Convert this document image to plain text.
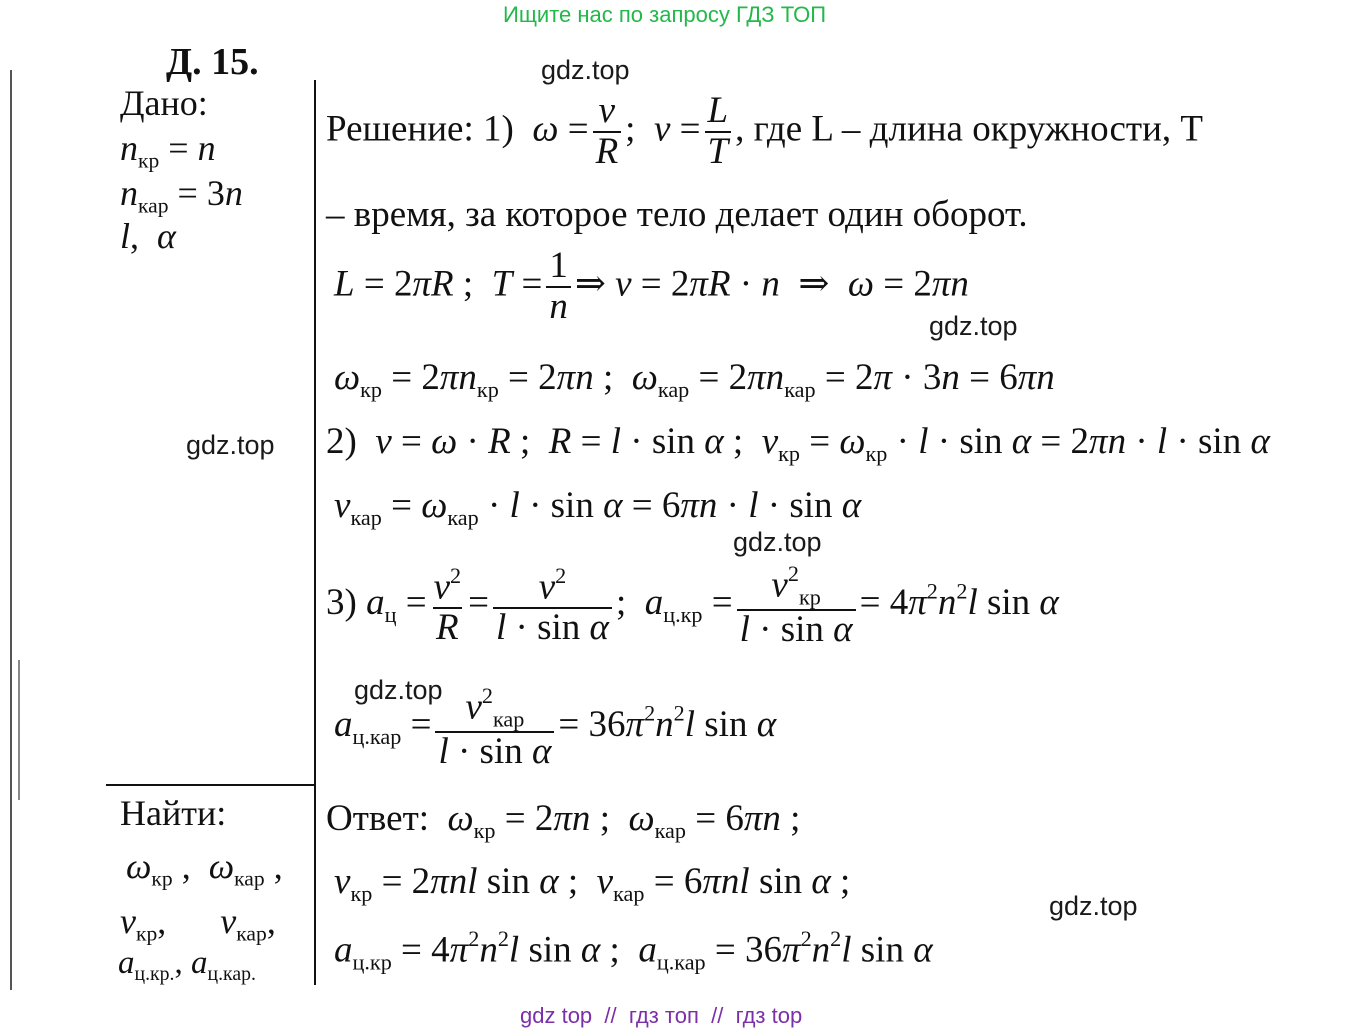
Ищите нас по запросу ГДЗ ТОП
Д. 15.	gdz.top
gdz.top
gdz.top
gdz.top
gdz.top
gdz.top
Дано:
$n_{кр} = n$
$n_{кар} = 3n$
l,  α
Найти:
$\omega_{кр}$ ,  $\omega_{кар}$ ,
$v_{кр}$,      $v_{кар}$,
$a_{ц.кр.}$, $a_{ц.кар.}$
Решение: 1) $\omega = \frac{v}{R}$ ;  $v = \frac{L}{T}$ , где L – длина окружности, T
– время, за которое тело делает один оборот.
L = 2πR ;  $T = \frac{1}{n}$ ⇒ v = 2πR · n  ⇒  ω = 2πn
$\omega_{кр} = 2\pi n_{кр} = 2\pi n$ ;  $\omega_{кар} = 2\pi n_{кар} = 2\pi \cdot 3n = 6\pi n$
2) v = ω · R ;  R = l · sin α ;  $v_{кр} = \omega_{кр} \cdot l \cdot \sin \alpha = 2\pi n \cdot l \cdot \sin \alpha$
$v_{кар} = \omega_{кар} \cdot l \cdot \sin \alpha = 6\pi n \cdot l \cdot \sin \alpha$
3) $a_ц = \frac{v^2}{R} = \frac{v^2}{\text{l · sin α}}$ ;  $a_{ц.кр} = \frac{v^2_{кр}}{\text{l · sin α}} = 4\pi^2n^2l$ sin α
$a_{ц.кар} = \frac{v^2_{кар}}{\text{l · sin α}} = 36\pi^2n^2l$ sin α
Ответ: $\omega_{кр} = 2\pi n$ ;  $\omega_{кар} = 6\pi n$ ;
$v_{кр} = 2\pi nl$ sin α ;  $v_{кар} = 6\pi nl$ sin α ;
$a_{ц.кр} = 4\pi^2n^2l$ sin α ;  $a_{ц.кар} = 36\pi^2n^2l$ sin α
gdz top  //  гдз топ  //  гдз top
